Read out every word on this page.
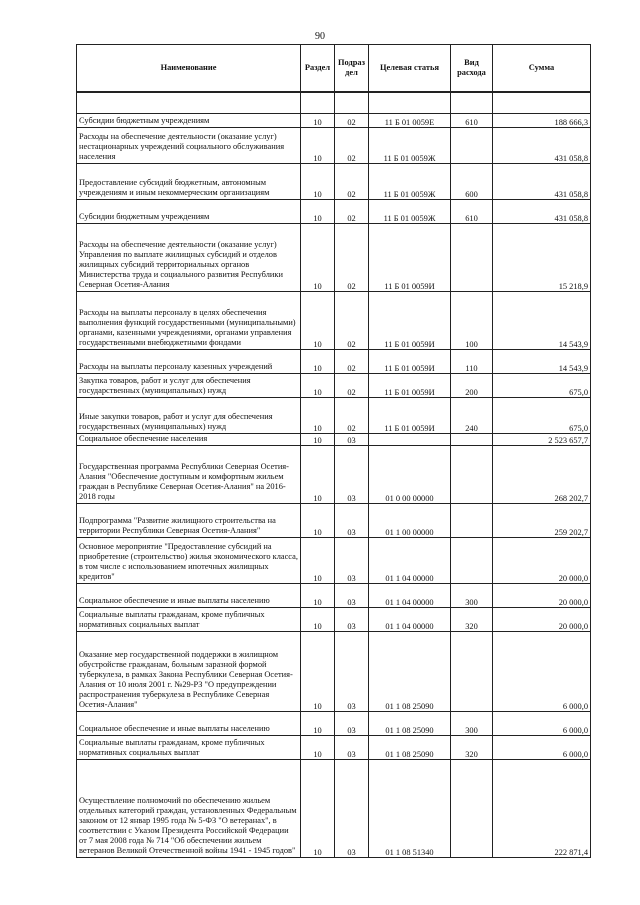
90
Наименование	Раздел	Подраз дел	Целевая статья	Вид расхода	Сумма

Субсидии бюджетным учреждениям	10	02	11 Б 01 0059Е	610	188 666,3
Расходы на обеспечение деятельности (оказание услуг) нестационарных учреждений социального обслуживания населения	10	02	11 Б 01 0059Ж		431 058,8
Предоставление субсидий бюджетным, автономным учреждениям и иным некоммерческим организациям	10	02	11 Б 01 0059Ж	600	431 058,8
Субсидии бюджетным учреждениям	10	02	11 Б 01 0059Ж	610	431 058,8
Расходы на обеспечение деятельности (оказание услуг) Управления по выплате жилищных субсидий и отделов жилищных субсидий территориальных органов Министерства труда и социального развития Республики Северная Осетия-Алания	10	02	11 Б 01 0059И		15 218,9
Расходы на выплаты персоналу в целях обеспечения выполнения функций государственными (муниципальными) органами, казенными учреждениями, органами управления государственными внебюджетными фондами	10	02	11 Б 01 0059И	100	14 543,9
Расходы на выплаты персоналу казенных учреждений	10	02	11 Б 01 0059И	110	14 543,9
Закупка товаров, работ и услуг для обеспечения государственных (муниципальных) нужд	10	02	11 Б 01 0059И	200	675,0
Иные закупки товаров, работ и услуг для обеспечения государственных (муниципальных) нужд	10	02	11 Б 01 0059И	240	675,0
Социальное обеспечение населения	10	03			2 523 657,7
Государственная программа Республики Северная Осетия-Алания "Обеспечение доступным и комфортным жильем граждан в Республике Северная Осетия-Алания" на 2016-2018 годы	10	03	01 0 00 00000		268 202,7
Подпрограмма "Развитие жилищного строительства на территории Республики Северная Осетия-Алания"	10	03	01 1 00 00000		259 202,7
Основное мероприятие "Предоставление субсидий на приобретение (строительство) жилья экономического класса, в том числе с использованием ипотечных жилищных кредитов"	10	03	01 1 04 00000		20 000,0
Социальное обеспечение и иные выплаты населению	10	03	01 1 04 00000	300	20 000,0
Социальные выплаты гражданам, кроме публичных нормативных социальных выплат	10	03	01 1 04 00000	320	20 000,0
Оказание мер государственной поддержки в жилищном обустройстве гражданам, больным заразной формой туберкулеза, в рамках Закона Республики Северная Осетия-Алания от 10 июля 2001 г. №29-РЗ "О предупреждении распространения туберкулеза в Республике Северная Осетия-Алания"	10	03	01 1 08 25090		6 000,0
Социальное обеспечение и иные выплаты населению	10	03	01 1 08 25090	300	6 000,0
Социальные выплаты гражданам, кроме публичных нормативных социальных выплат	10	03	01 1 08 25090	320	6 000,0
Осуществление полномочий по обеспечению жильем отдельных категорий граждан, установленных Федеральным законом от 12 январ 1995 года № 5-ФЗ "О ветеранах", в соответствии с Указом Президента Российской Федерации от 7 мая 2008 года № 714 "Об обеспечении жильем ветеранов Великой Отечественной войны 1941 - 1945 годов"	10	03	01 1 08 51340		222 871,4
